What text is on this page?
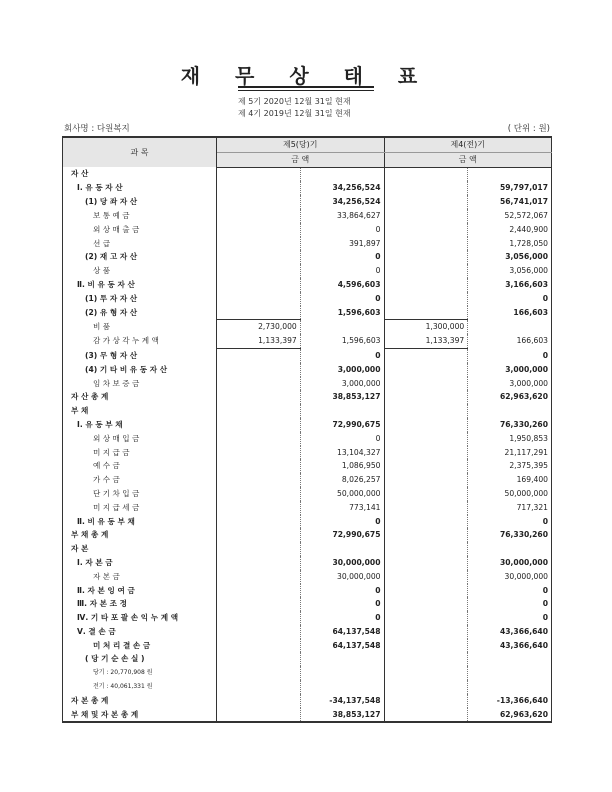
재 무 상 태 표
제 5기 2020년 12월 31일 현재
제 4기 2019년 12월 31일 현재
회사명 : 다원복지	( 단위 : 원)
과 목	제5(당)기		제4(전)기	
	금 액		금 액	
자 산				
Ⅰ. 유 동 자 산		34,256,524		59,797,017
(1) 당 좌 자 산		34,256,524		56,741,017
보 통 예 금		33,864,627		52,572,067
외 상 매 출 금		0		2,440,900
선 급		391,897		1,728,050
(2) 재 고 자 산		0		3,056,000
상 품		0		3,056,000
Ⅱ. 비 유 동 자 산		4,596,603		3,166,603
(1) 투 자 자 산		0		0
(2) 유 형 자 산		1,596,603		166,603
비 품	2,730,000		1,300,000	
감 가 상 각 누 계 액	1,133,397	1,596,603	1,133,397	166,603
(3) 무 형 자 산		0		0
(4) 기 타 비 유 동 자 산		3,000,000		3,000,000
임 차 보 증 금		3,000,000		3,000,000
자 산 총 계		38,853,127		62,963,620
부 채				
Ⅰ. 유 동 부 채		72,990,675		76,330,260
외 상 매 입 금		0		1,950,853
미 지 급 금		13,104,327		21,117,291
예 수 금		1,086,950		2,375,395
가 수 금		8,026,257		169,400
단 기 차 입 금		50,000,000		50,000,000
미 지 급 세 금		773,141		717,321
Ⅱ. 비 유 동 부 채		0		0
부 채 총 계		72,990,675		76,330,260
자 본				
Ⅰ. 자 본 금		30,000,000		30,000,000
자 본 금		30,000,000		30,000,000
Ⅱ. 자 본 잉 여 금		0		0
Ⅲ. 자 본 조 정		0		0
Ⅳ. 기 타 포 괄 손 익 누 계 액		0		0
Ⅴ. 결 손 금		64,137,548		43,366,640
미 처 리 결 손 금		64,137,548		43,366,640
( 당 기 순 손 실 )				
당기 : 20,770,908 원				
전기 : 40,061,331 원				
자 본 총 계		-34,137,548		-13,366,640
부 채 및 자 본 총 계		38,853,127		62,963,620
